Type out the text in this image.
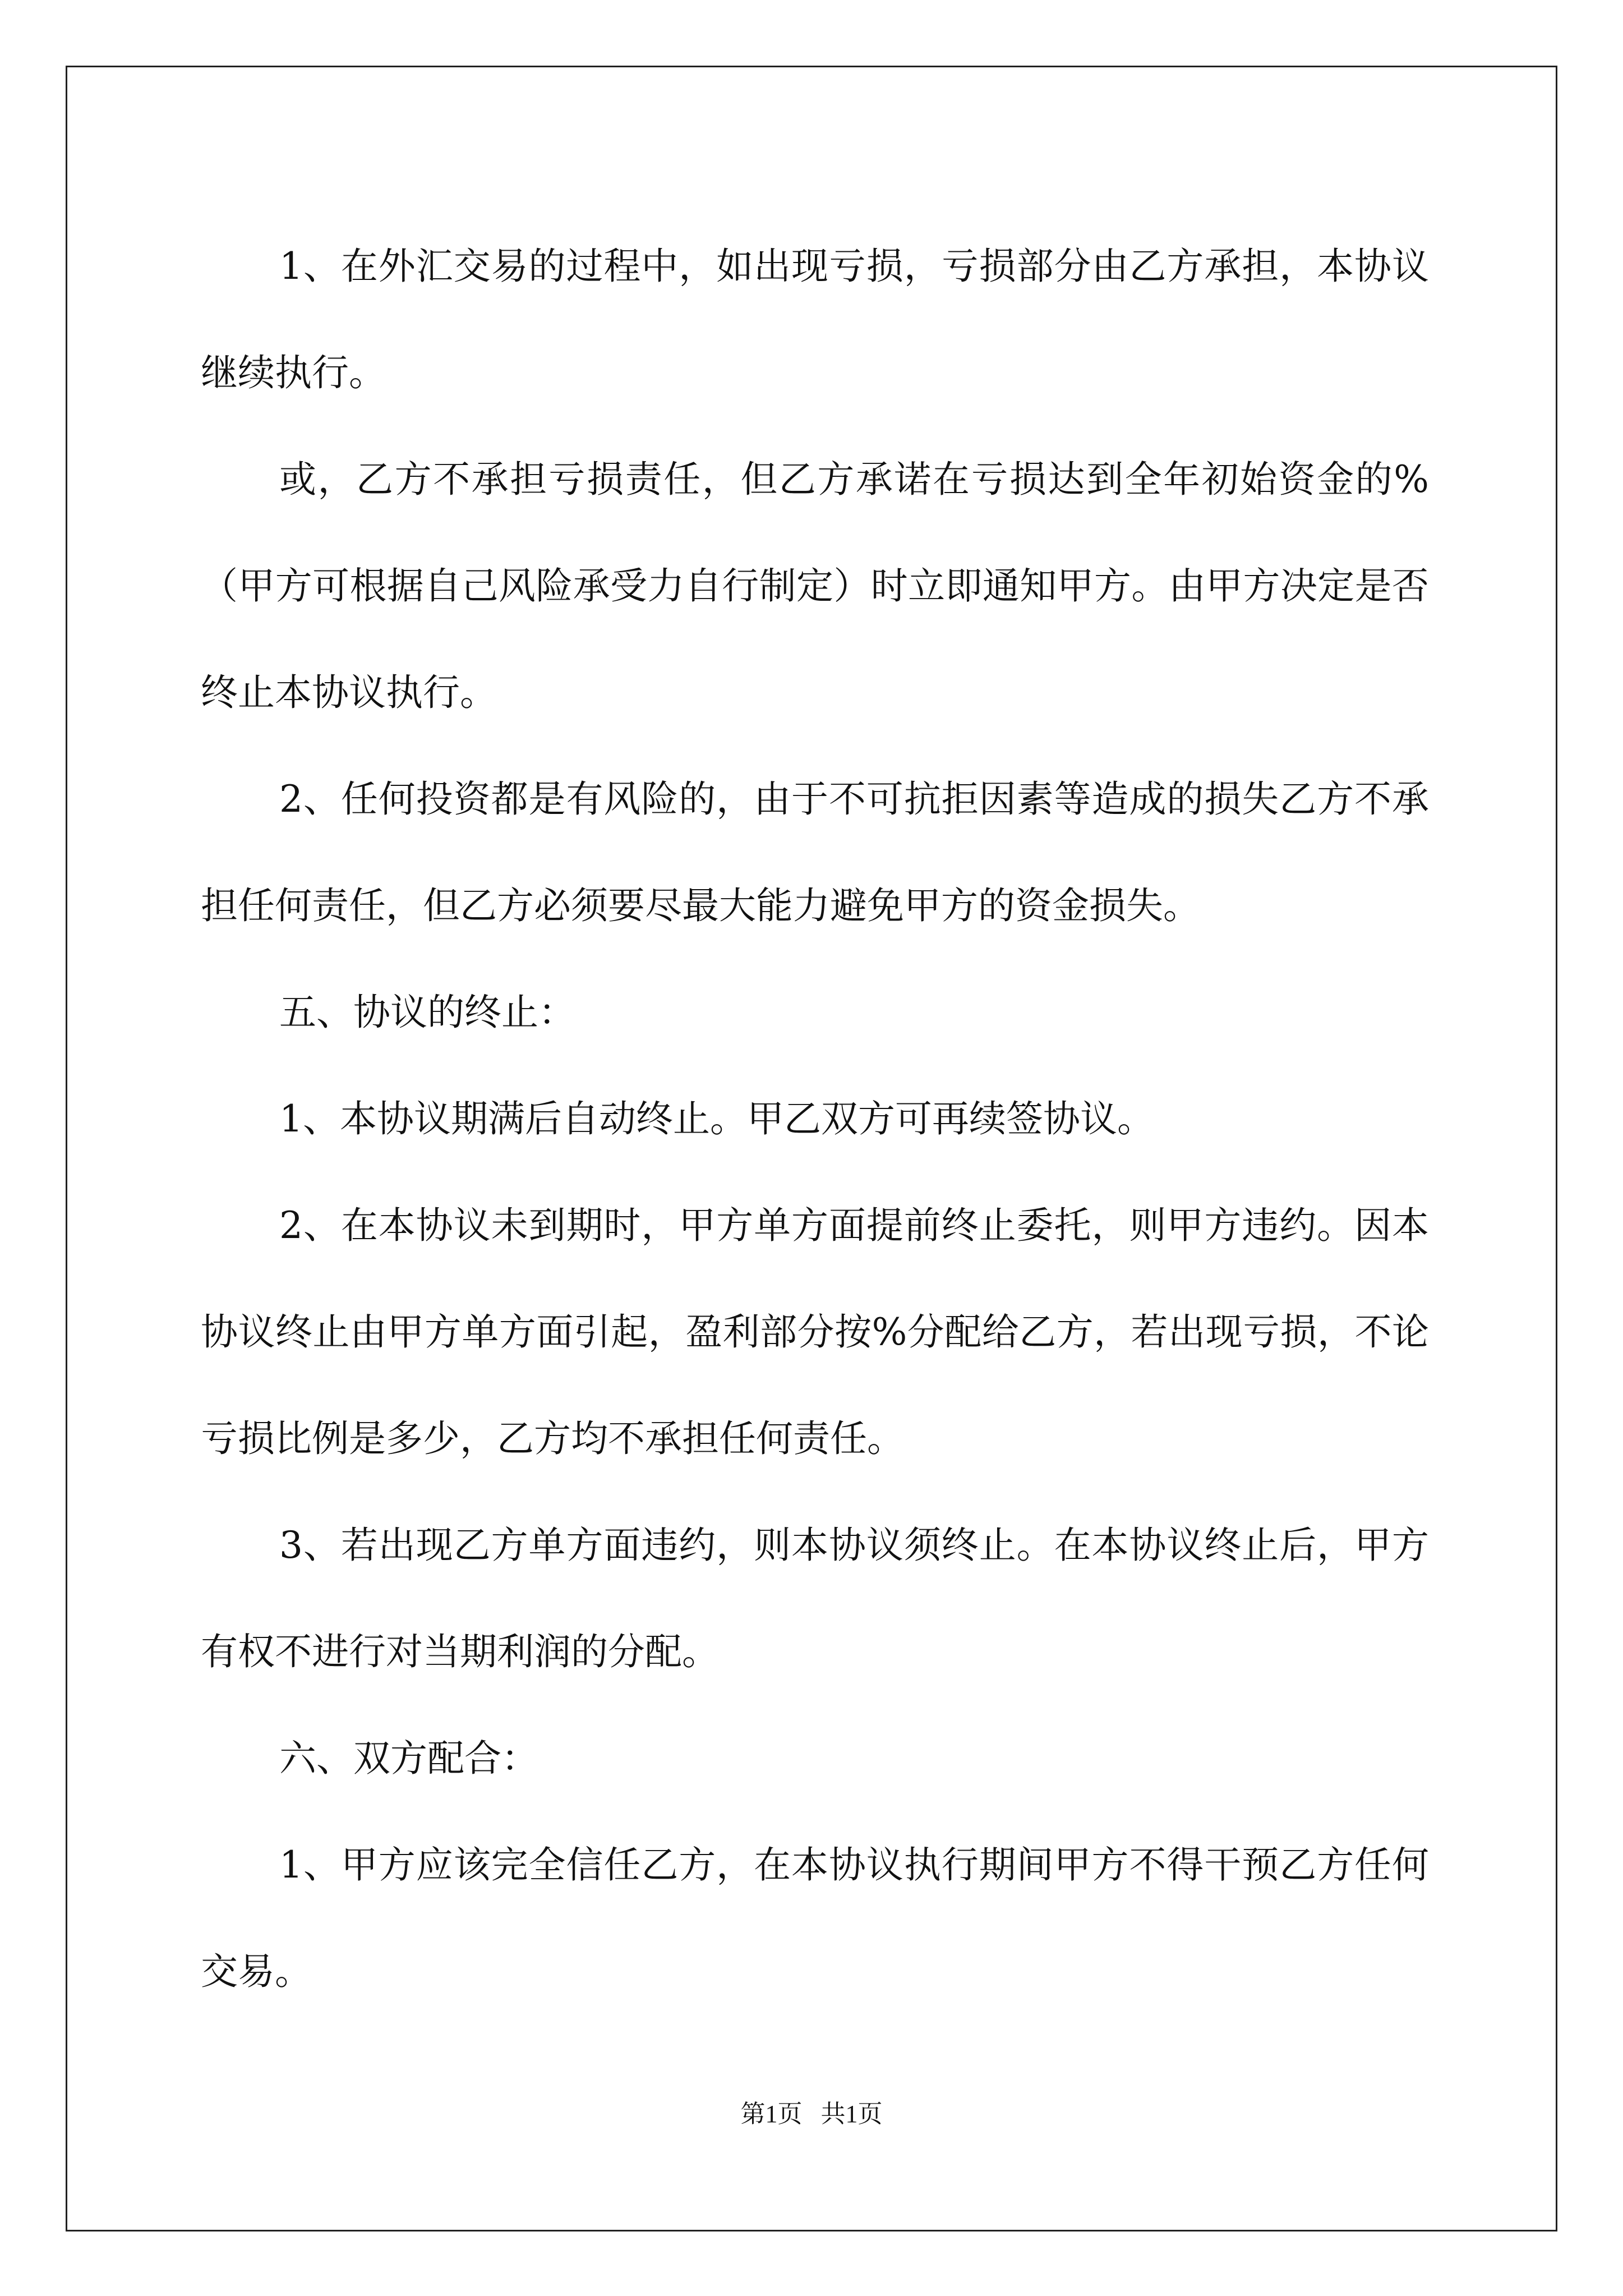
1、在外汇交易的过程中，如出现亏损，亏损部分由乙方承担，本协议继续执行。

或，乙方不承担亏损责任，但乙方承诺在亏损达到全年初始资金的%（甲方可根据自己风险承受力自行制定）时立即通知甲方。由甲方决定是否终止本协议执行。

2、任何投资都是有风险的，由于不可抗拒因素等造成的损失乙方不承担任何责任，但乙方必须要尽最大能力避免甲方的资金损失。

五、协议的终止：

1、本协议期满后自动终止。甲乙双方可再续签协议。

2、在本协议未到期时，甲方单方面提前终止委托，则甲方违约。因本协议终止由甲方单方面引起，盈利部分按%分配给乙方，若出现亏损，不论亏损比例是多少，乙方均不承担任何责任。

3、若出现乙方单方面违约，则本协议须终止。在本协议终止后，甲方有权不进行对当期利润的分配。

六、双方配合：

1、甲方应该完全信任乙方，在本协议执行期间甲方不得干预乙方任何交易。

第1页 共1页
